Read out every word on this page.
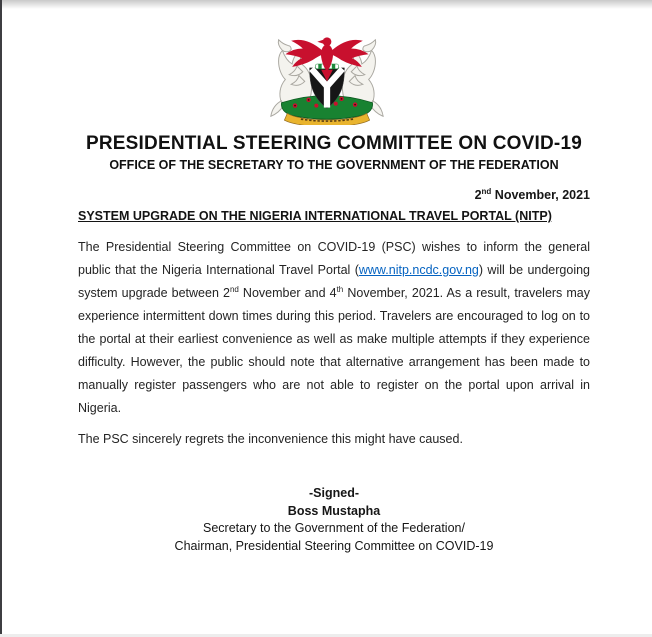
PRESIDENTIAL STEERING COMMITTEE ON COVID-19
OFFICE OF THE SECRETARY TO THE GOVERNMENT OF THE FEDERATION
2nd November, 2021
SYSTEM UPGRADE ON THE NIGERIA INTERNATIONAL TRAVEL PORTAL (NITP)

The Presidential Steering Committee on COVID-19 (PSC) wishes to inform the general public that the Nigeria International Travel Portal (www.nitp.ncdc.gov.ng) will be undergoing system upgrade between 2nd November and 4th November, 2021. As a result, travelers may experience intermittent down times during this period. Travelers are encouraged to log on to the portal at their earliest convenience as well as make multiple attempts if they experience difficulty. However, the public should note that alternative arrangement has been made to manually register passengers who are not able to register on the portal upon arrival in Nigeria.

The PSC sincerely regrets the inconvenience this might have caused.

-Signed-
Boss Mustapha
Secretary to the Government of the Federation/
Chairman, Presidential Steering Committee on COVID-19
